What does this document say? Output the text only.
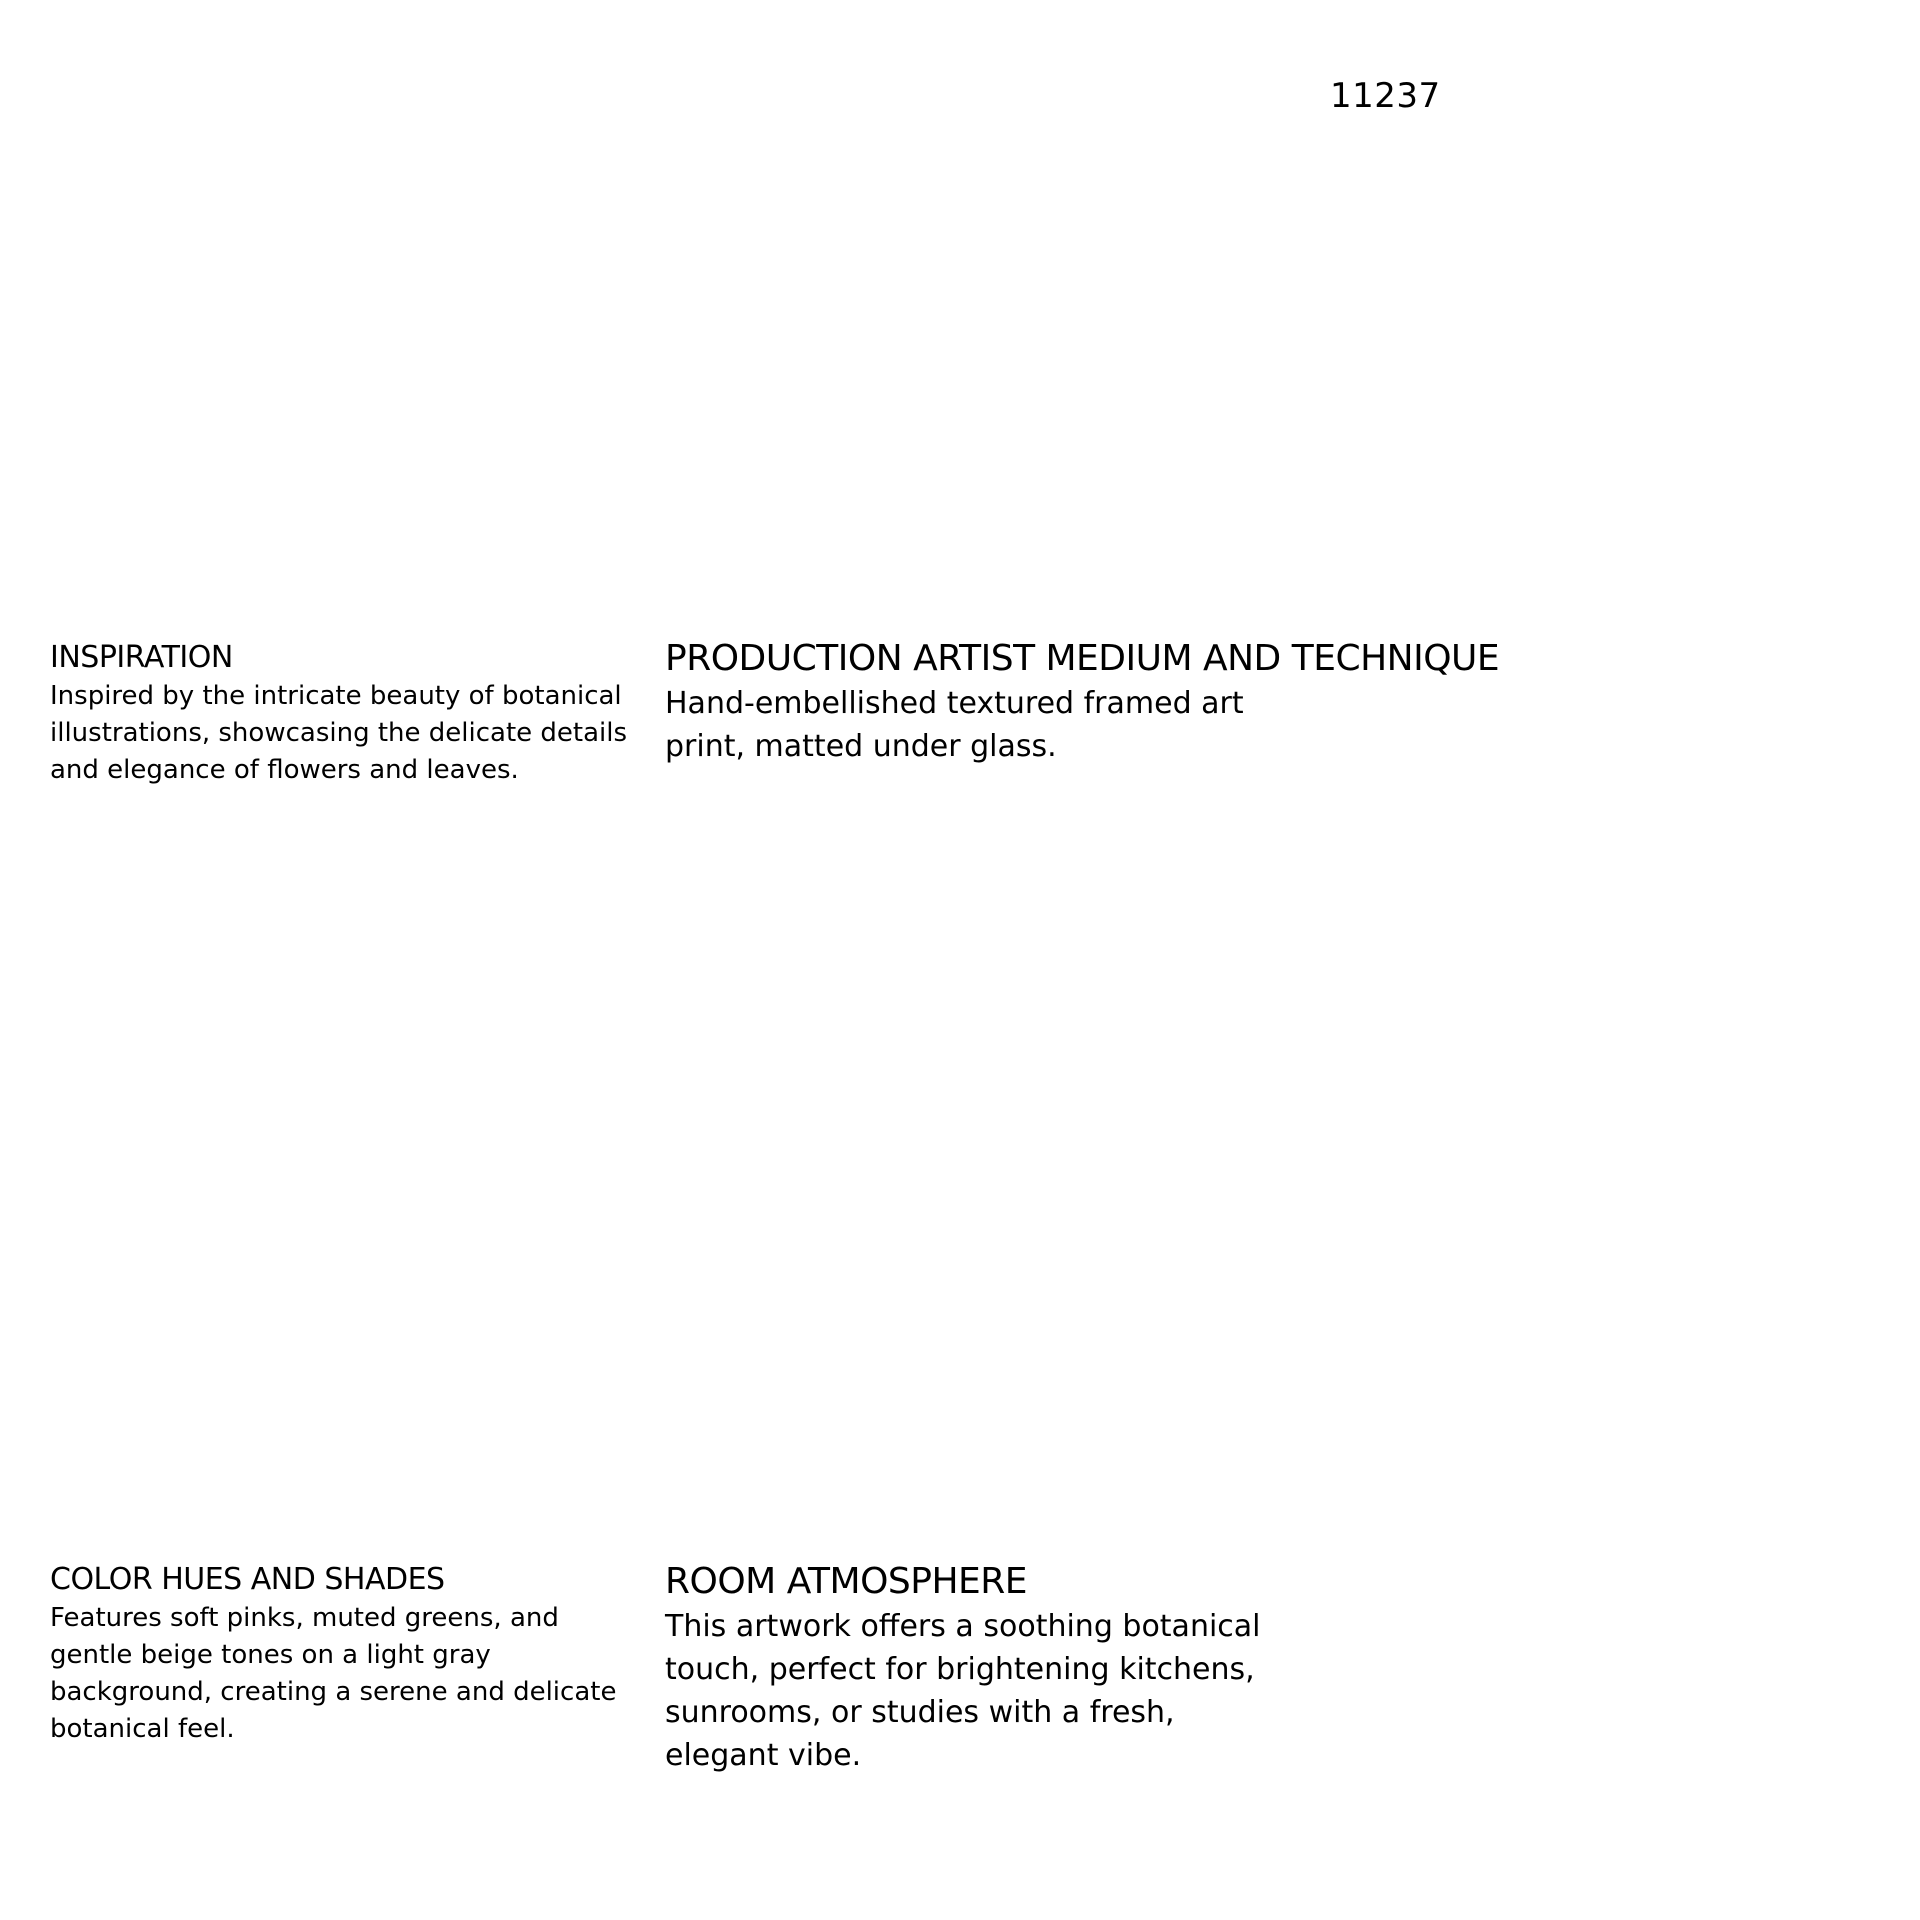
11237
INSPIRATION

Inspired by the intricate beauty of botanical illustrations, showcasing the delicate details and elegance of flowers and leaves.

PRODUCTION ARTIST MEDIUM AND TECHNIQUE

Hand-embellished textured framed art print, matted under glass.

COLOR HUES AND SHADES

Features soft pinks, muted greens, and gentle beige tones on a light gray background, creating a serene and delicate botanical feel.

ROOM ATMOSPHERE

This artwork offers a soothing botanical touch, perfect for brightening kitchens, sunrooms, or studies with a fresh, elegant vibe.
